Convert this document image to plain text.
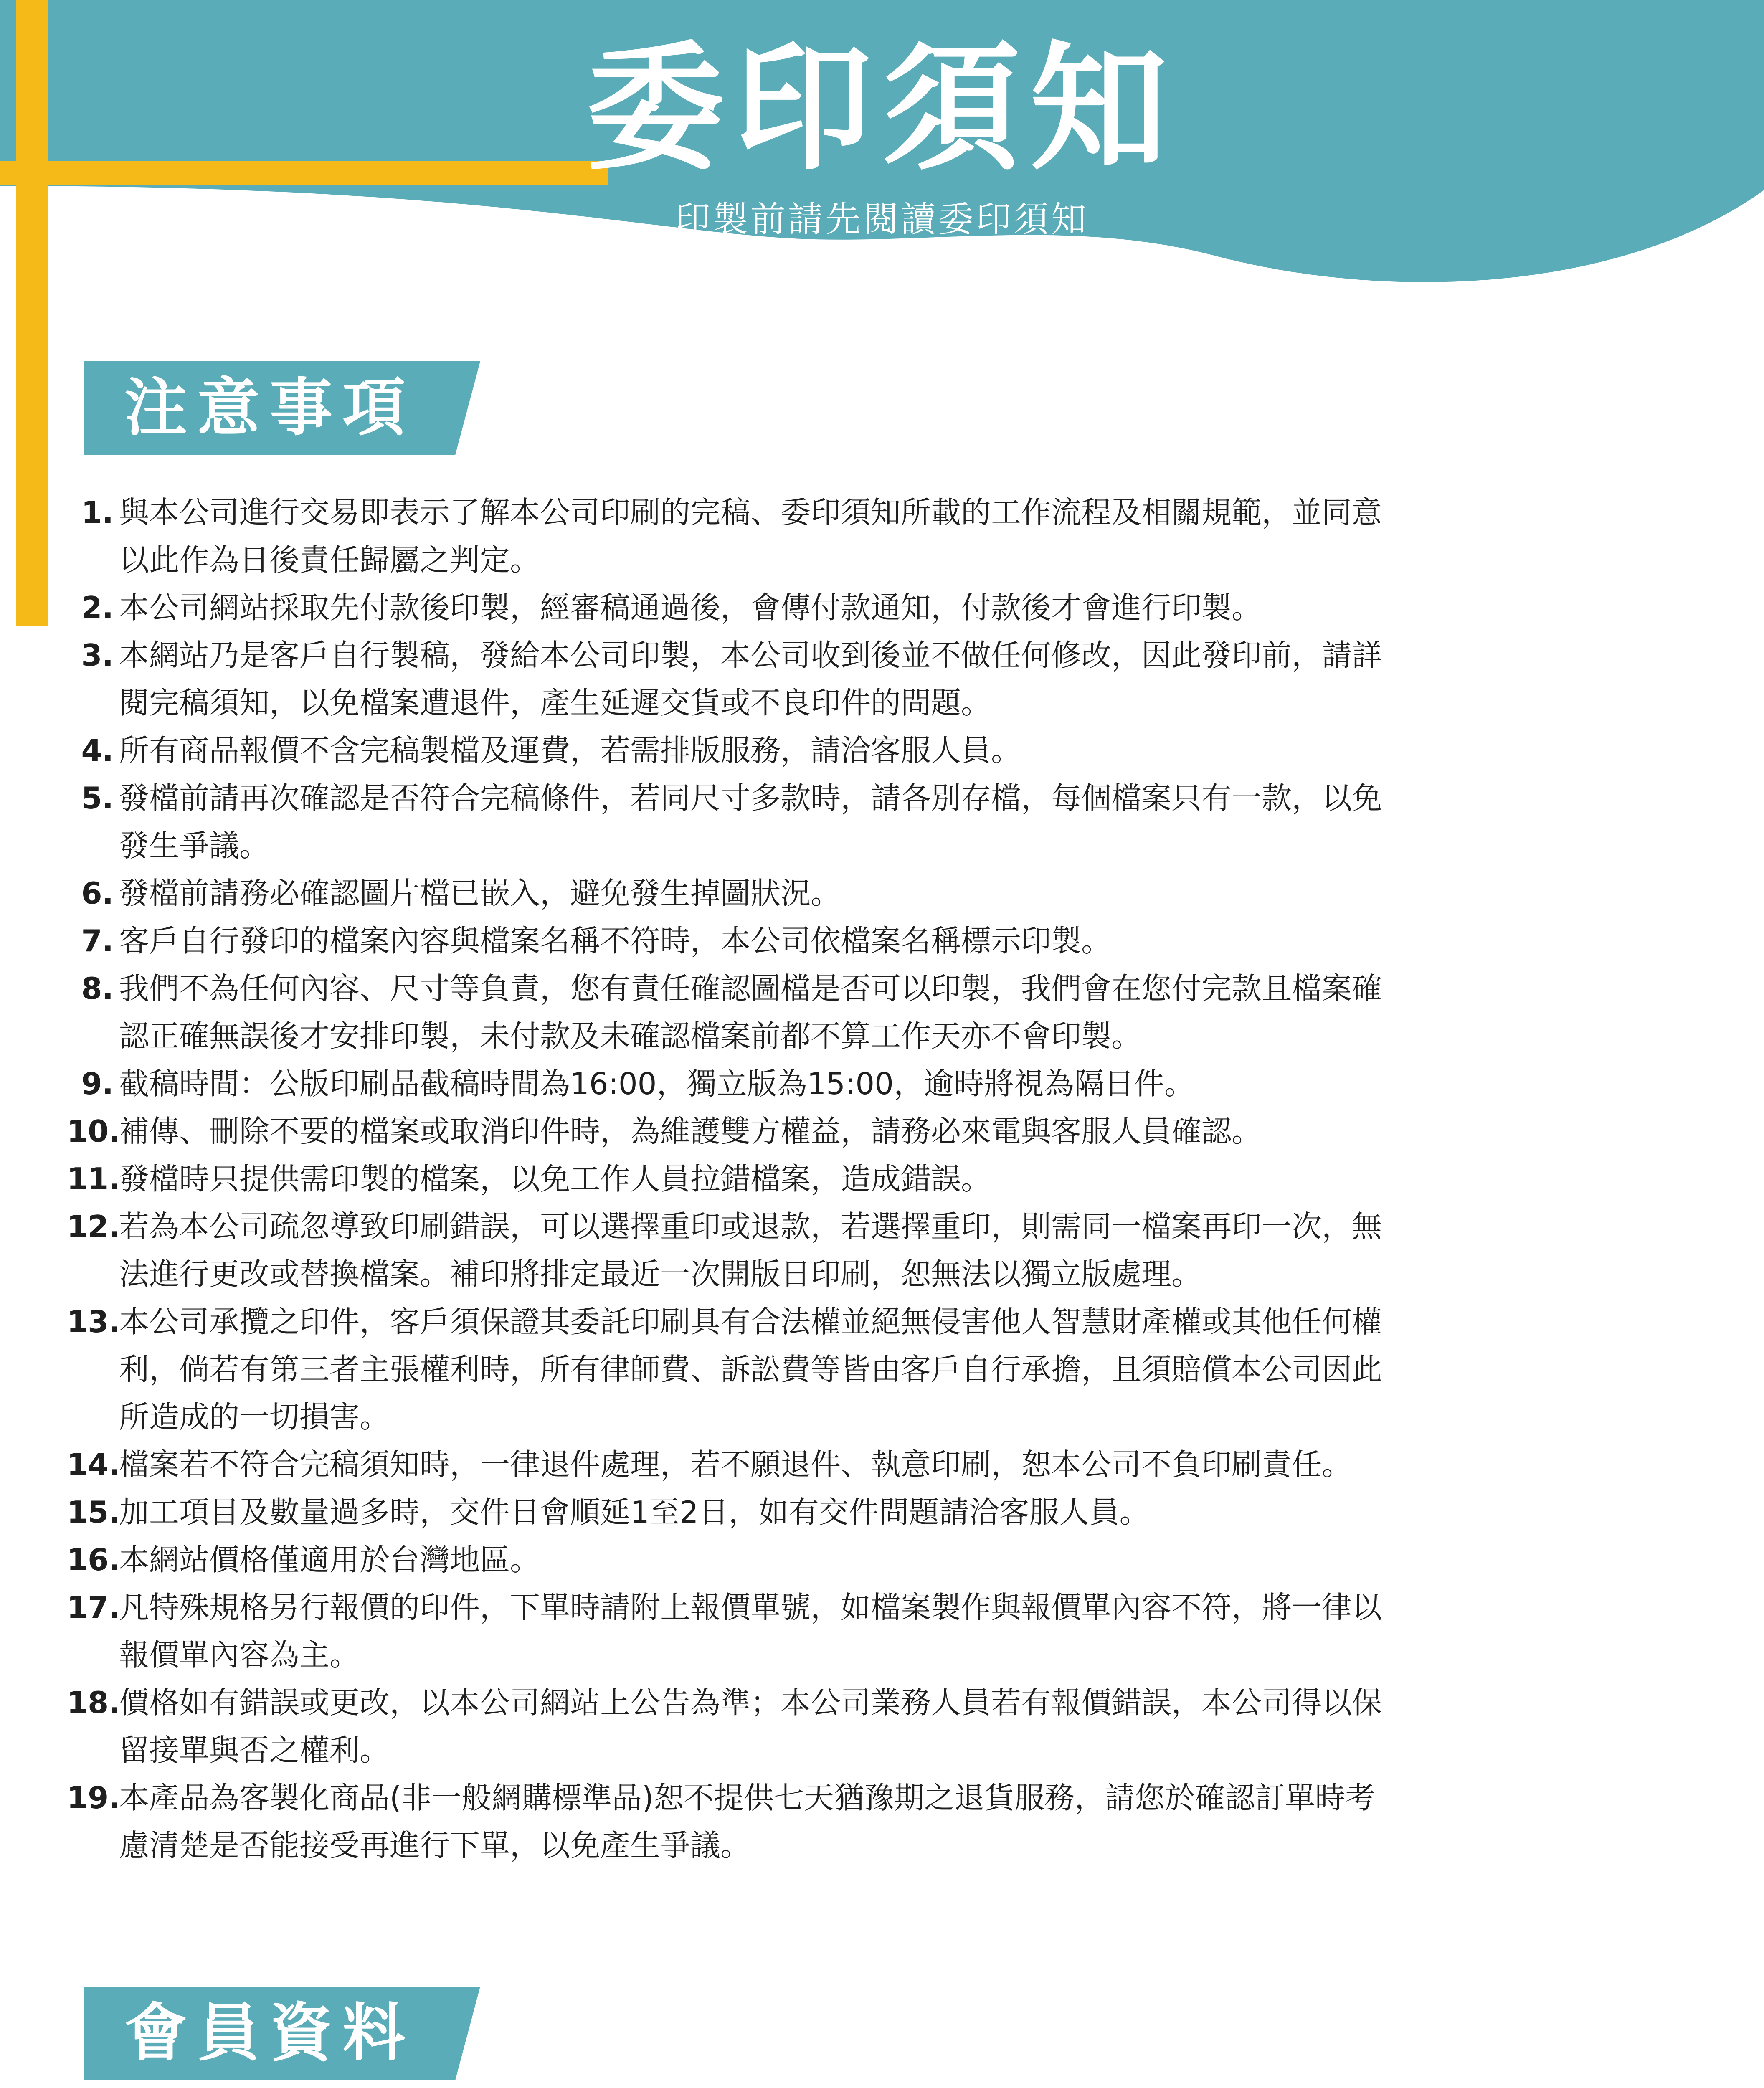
委印須知
印製前請先閱讀委印須知
注意事項
1. 與本公司進行交易即表示了解本公司印刷的完稿、委印須知所載的工作流程及相關規範，並同意
以此作為日後責任歸屬之判定。
2. 本公司網站採取先付款後印製，經審稿通過後，會傳付款通知，付款後才會進行印製。
3. 本網站乃是客戶自行製稿，發給本公司印製，本公司收到後並不做任何修改，因此發印前，請詳
閱完稿須知，以免檔案遭退件，產生延遲交貨或不良印件的問題。
4. 所有商品報價不含完稿製檔及運費，若需排版服務，請洽客服人員。
5. 發檔前請再次確認是否符合完稿條件，若同尺寸多款時，請各別存檔，每個檔案只有一款，以免
發生爭議。
6. 發檔前請務必確認圖片檔已嵌入，避免發生掉圖狀況。
7. 客戶自行發印的檔案內容與檔案名稱不符時，本公司依檔案名稱標示印製。
8. 我們不為任何內容、尺寸等負責，您有責任確認圖檔是否可以印製，我們會在您付完款且檔案確
認正確無誤後才安排印製，未付款及未確認檔案前都不算工作天亦不會印製。
9. 截稿時間：公版印刷品截稿時間為16:00，獨立版為15:00，逾時將視為隔日件。
10.
補傳、刪除不要的檔案或取消印件時，為維護雙方權益，請務必來電與客服人員確認。
11.
發檔時只提供需印製的檔案，以免工作人員拉錯檔案，造成錯誤。
12.
若為本公司疏忽導致印刷錯誤，可以選擇重印或退款，若選擇重印，則需同一檔案再印一次，無
法進行更改或替換檔案。補印將排定最近一次開版日印刷，恕無法以獨立版處理。
13.
本公司承攬之印件，客戶須保證其委託印刷具有合法權並絕無侵害他人智慧財產權或其他任何權
利，倘若有第三者主張權利時，所有律師費、訴訟費等皆由客戶自行承擔，且須賠償本公司因此
所造成的一切損害。
14.
檔案若不符合完稿須知時，一律退件處理，若不願退件、執意印刷，恕本公司不負印刷責任。
15.
加工項目及數量過多時，交件日會順延1至2日，如有交件問題請洽客服人員。
16.
本網站價格僅適用於台灣地區。
17.
凡特殊規格另行報價的印件，下單時請附上報價單號，如檔案製作與報價單內容不符，將一律以
報價單內容為主。
18.
價格如有錯誤或更改，以本公司網站上公告為準；本公司業務人員若有報價錯誤，本公司得以保
留接單與否之權利。
19.
本產品為客製化商品(非一般網購標準品)恕不提供七天猶豫期之退貨服務，請您於確認訂單時考
慮清楚是否能接受再進行下單，以免產生爭議。
會員資料
